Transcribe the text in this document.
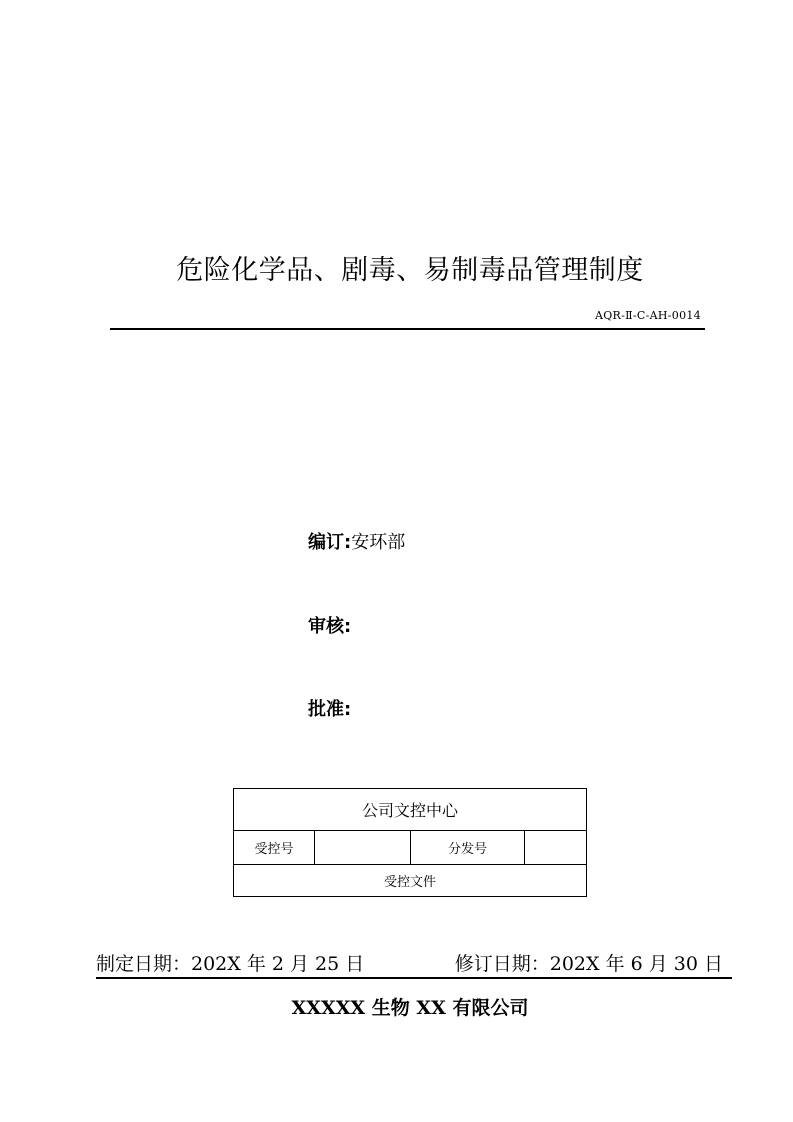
危险化学品、剧毒、易制毒品管理制度
AQR-Ⅱ-C-AH-0014
编订:安环部
审核:
批准:
公司文控中心
受控号		分发号	
受控文件
制定日期：202X 年 2 月 25 日	修订日期：202X 年 6 月 30 日
XXXXX 生物 XX 有限公司
